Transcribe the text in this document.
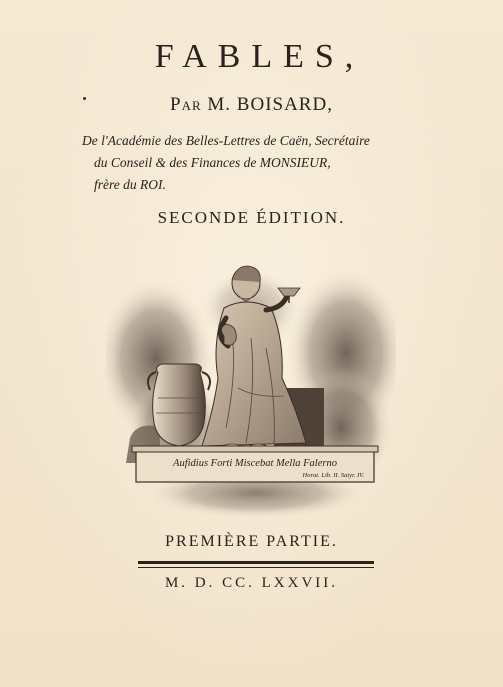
FABLES,
Par M. BOISARD,
De l'Académie des Belles-Lettres de Caën, Secrétaire
du Conseil & des Finances de MONSIEUR,
frère du ROI.
SECONDE ÉDITION.
Aufidius Forti Miscebat Mella Falerno
Horat. Lib. II. Satyr. IV.
PREMIÈRE PARTIE.
M. D. CC. LXXVII.
